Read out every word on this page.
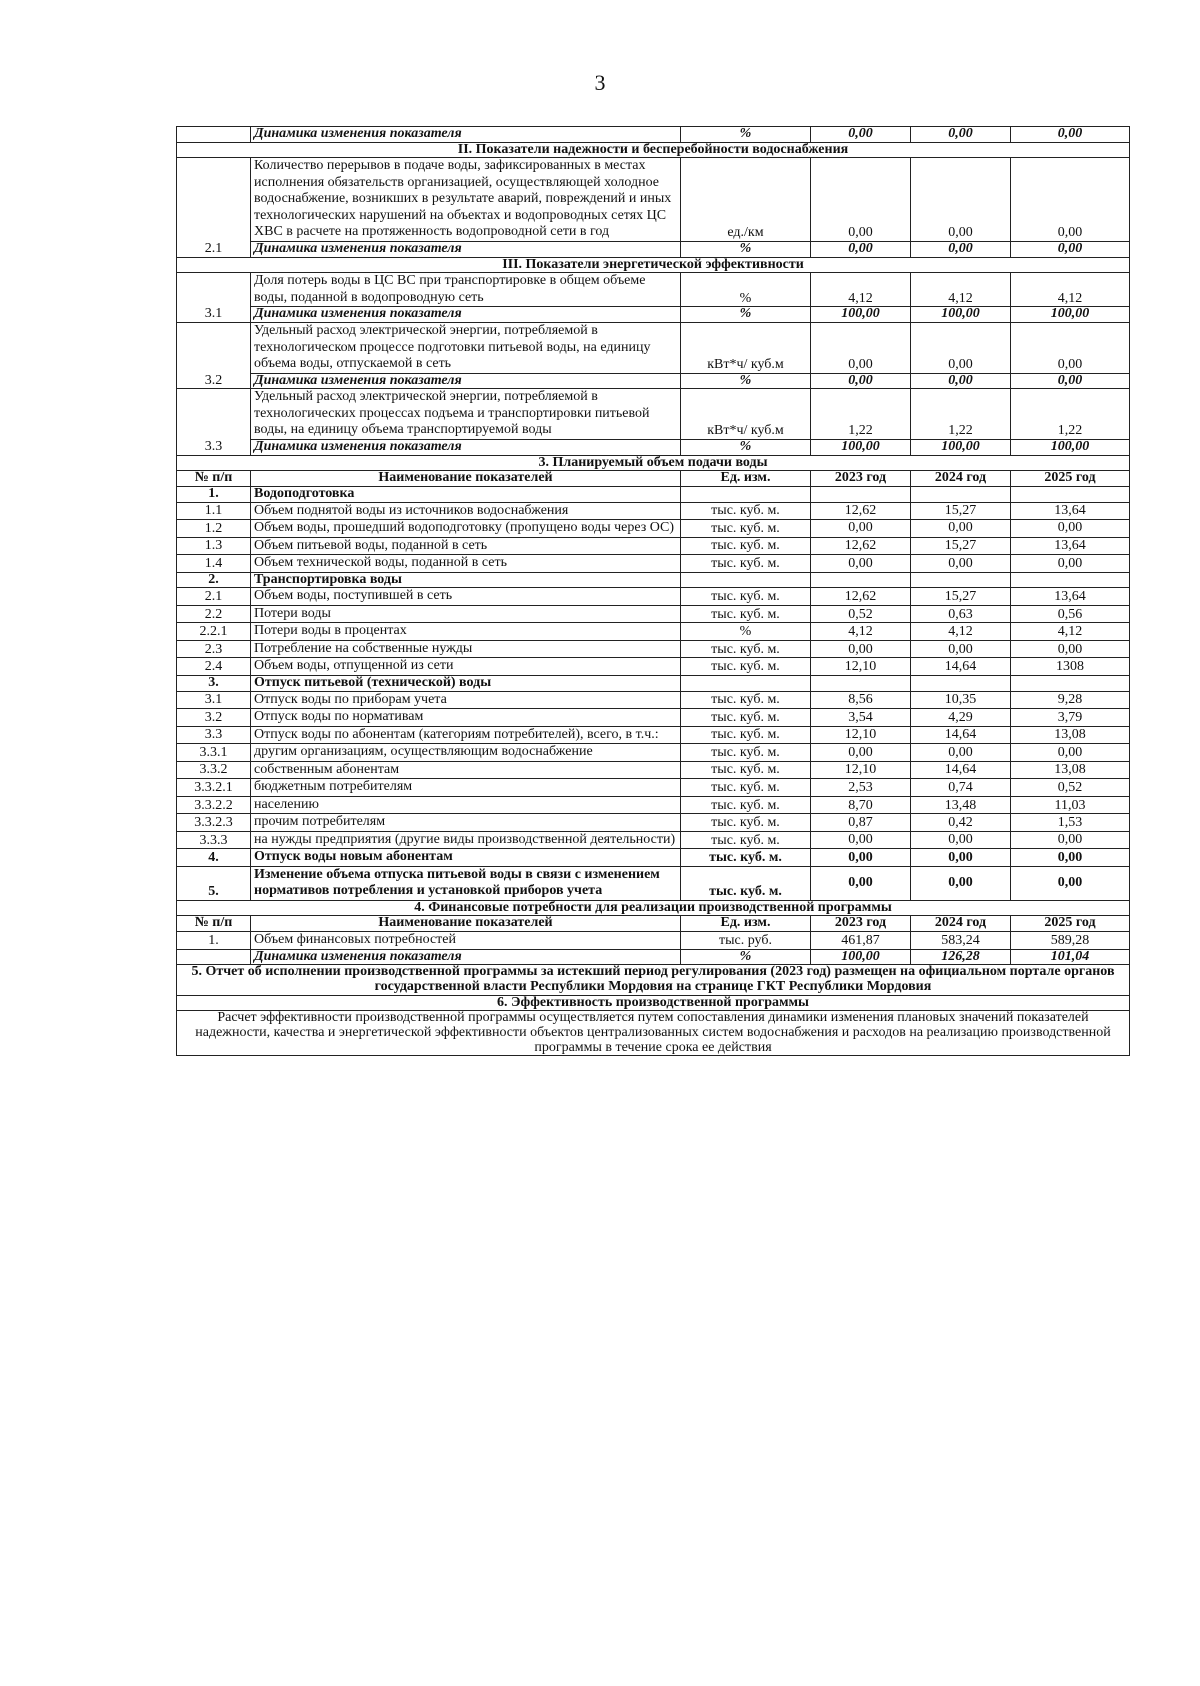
3
	Динамика изменения показателя	%	0,00	0,00	0,00
II. Показатели надежности и бесперебойности водоснабжения					
2.1	Количество перерывов в подаче воды, зафиксированных в местах исполнения обязательств организацией, осуществляющей холодное водоснабжение, возникших в результате аварий, повреждений и иных технологических нарушений на объектах и водопроводных сетях ЦС ХВС в расчете на протяженность водопроводной сети в год	ед./км	0,00	0,00	0,00
	Динамика изменения показателя	%	0,00	0,00	0,00
III. Показатели энергетической эффективности					
3.1	Доля потерь воды в ЦС ВС при транспортировке в общем объеме воды, поданной в водопроводную сеть	%	4,12	4,12	4,12
	Динамика изменения показателя	%	100,00	100,00	100,00
3.2	Удельный расход электрической энергии, потребляемой в технологическом процессе подготовки питьевой воды, на единицу объема воды, отпускаемой в сеть	кВт*ч/ куб.м	0,00	0,00	0,00
	Динамика изменения показателя	%	0,00	0,00	0,00
3.3	Удельный расход электрической энергии, потребляемой в технологических процессах подъема и транспортировки питьевой воды, на единицу объема транспортируемой воды	кВт*ч/ куб.м	1,22	1,22	1,22
	Динамика изменения показателя	%	100,00	100,00	100,00
3. Планируемый объем подачи воды					
№ п/п	Наименование показателей	Ед. изм.	2023 год	2024 год	2025 год
1.	Водоподготовка				
1.1	Объем поднятой воды из источников водоснабжения	тыс. куб. м.	12,62	15,27	13,64
1.2	Объем воды, прошедший водоподготовку (пропущено воды через ОС)	тыс. куб. м.	0,00	0,00	0,00
1.3	Объем питьевой воды, поданной в сеть	тыс. куб. м.	12,62	15,27	13,64
1.4	Объем технической воды, поданной в сеть	тыс. куб. м.	0,00	0,00	0,00
2.	Транспортировка воды				
2.1	Объем воды, поступившей в сеть	тыс. куб. м.	12,62	15,27	13,64
2.2	Потери воды	тыс. куб. м.	0,52	0,63	0,56
2.2.1	Потери воды в процентах	%	4,12	4,12	4,12
2.3	Потребление на собственные нужды	тыс. куб. м.	0,00	0,00	0,00
2.4	Объем воды, отпущенной из сети	тыс. куб. м.	12,10	14,64	1308
3.	Отпуск питьевой (технической) воды				
3.1	Отпуск воды по приборам учета	тыс. куб. м.	8,56	10,35	9,28
3.2	Отпуск воды по нормативам	тыс. куб. м.	3,54	4,29	3,79
3.3	Отпуск воды по абонентам (категориям потребителей), всего, в т.ч.:	тыс. куб. м.	12,10	14,64	13,08
3.3.1	другим организациям, осуществляющим водоснабжение	тыс. куб. м.	0,00	0,00	0,00
3.3.2	собственным абонентам	тыс. куб. м.	12,10	14,64	13,08
3.3.2.1	бюджетным потребителям	тыс. куб. м.	2,53	0,74	0,52
3.3.2.2	населению	тыс. куб. м.	8,70	13,48	11,03
3.3.2.3	прочим потребителям	тыс. куб. м.	0,87	0,42	1,53
3.3.3	на нужды предприятия (другие виды производственной деятельности)	тыс. куб. м.	0,00	0,00	0,00
4.	Отпуск воды новым абонентам	тыс. куб. м.	0,00	0,00	0,00
5.	Изменение объема отпуска питьевой воды в связи с изменением нормативов потребления и установкой приборов учета	тыс. куб. м.	0,00	0,00	0,00
4. Финансовые потребности для реализации производственной программы					
№ п/п	Наименование показателей	Ед. изм.	2023 год	2024 год	2025 год
1.	Объем финансовых потребностей	тыс. руб.	461,87	583,24	589,28
	Динамика изменения показателя	%	100,00	126,28	101,04
5. Отчет об исполнении производственной программы за истекший период регулирования (2023 год) размещен на официальном портале органов государственной власти Республики Мордовия на странице ГКТ Республики Мордовия					
6. Эффективность производственной программы					
Расчет эффективности производственной программы осуществляется путем сопоставления динамики изменения плановых значений показателей надежности, качества и энергетической эффективности объектов централизованных систем водоснабжения и расходов на реализацию производственной программы в течение срока ее действия					
